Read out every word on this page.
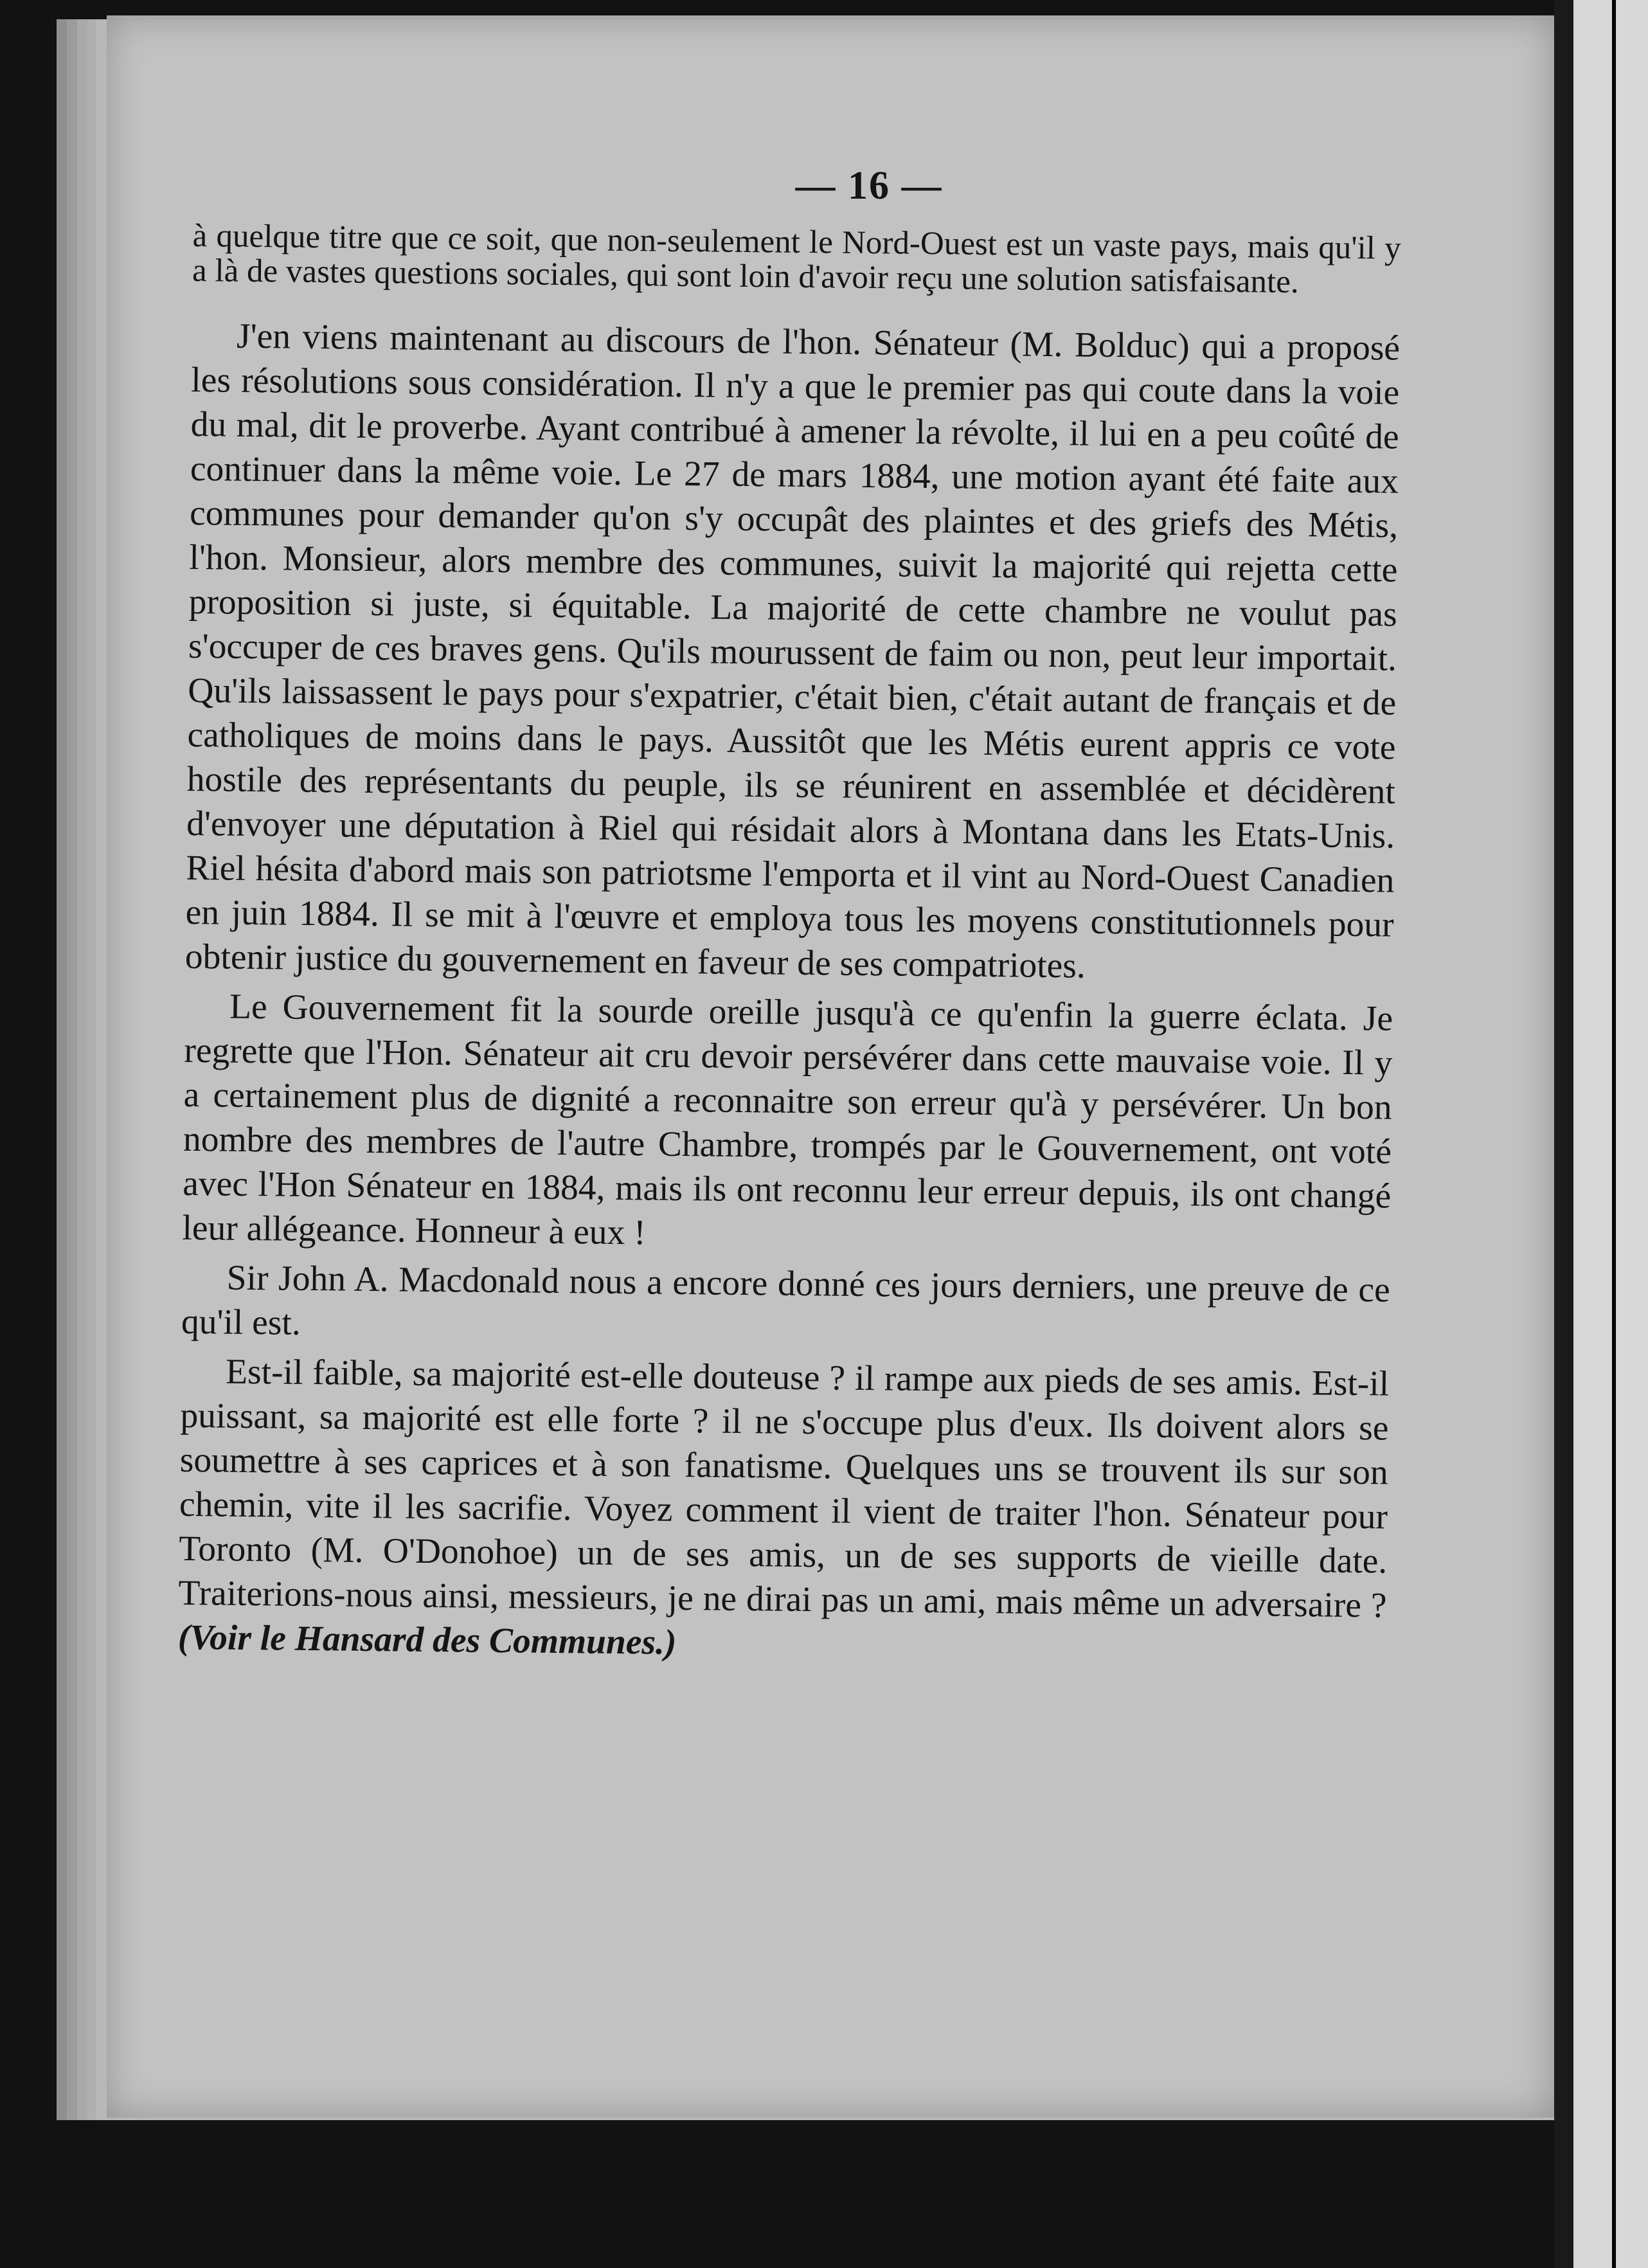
— 16 —

à quelque titre que ce soit, que non-seulement le Nord-Ouest est un vaste pays, mais qu'il y a là de vastes questions sociales, qui sont loin d'avoir reçu une solution satisfaisante.

J'en viens maintenant au discours de l'hon. Sénateur (M. Bolduc) qui a proposé les résolutions sous considération. Il n'y a que le premier pas qui coute dans la voie du mal, dit le proverbe. Ayant contribué à amener la révolte, il lui en a peu coûté de continuer dans la même voie. Le 27 de mars 1884, une motion ayant été faite aux communes pour demander qu'on s'y occupât des plaintes et des griefs des Métis, l'hon. Monsieur, alors membre des communes, suivit la majorité qui rejetta cette proposition si juste, si équitable. La majorité de cette chambre ne voulut pas s'occuper de ces braves gens. Qu'ils mourussent de faim ou non, peut leur importait. Qu'ils laissassent le pays pour s'expatrier, c'était bien, c'était autant de français et de catholiques de moins dans le pays. Aussitôt que les Métis eurent appris ce vote hostile des représentants du peuple, ils se réunirent en assemblée et décidèrent d'envoyer une députation à Riel qui résidait alors à Montana dans les Etats-Unis. Riel hésita d'abord mais son patriotsme l'emporta et il vint au Nord-Ouest Canadien en juin 1884. Il se mit à l'œuvre et employa tous les moyens constitutionnels pour obtenir justice du gouvernement en faveur de ses compatriotes.

Le Gouvernement fit la sourde oreille jusqu'à ce qu'enfin la guerre éclata. Je regrette que l'Hon. Sénateur ait cru devoir persévérer dans cette mauvaise voie. Il y a certainement plus de dignité a reconnaitre son erreur qu'à y persévérer. Un bon nombre des membres de l'autre Chambre, trompés par le Gouvernement, ont voté avec l'Hon Sénateur en 1884, mais ils ont reconnu leur erreur depuis, ils ont changé leur allégeance. Honneur à eux !

Sir John A. Macdonald nous a encore donné ces jours derniers, une preuve de ce qu'il est.

Est-il faible, sa majorité est-elle douteuse ? il rampe aux pieds de ses amis. Est-il puissant, sa majorité est elle forte ? il ne s'occupe plus d'eux. Ils doivent alors se soumettre à ses caprices et à son fanatisme. Quelques uns se trouvent ils sur son chemin, vite il les sacrifie. Voyez comment il vient de traiter l'hon. Sénateur pour Toronto (M. O'Donohoe) un de ses amis, un de ses supports de vieille date. Traiterions-nous ainsi, messieurs, je ne dirai pas un ami, mais même un adversaire ? (Voir le Hansard des Communes.)
